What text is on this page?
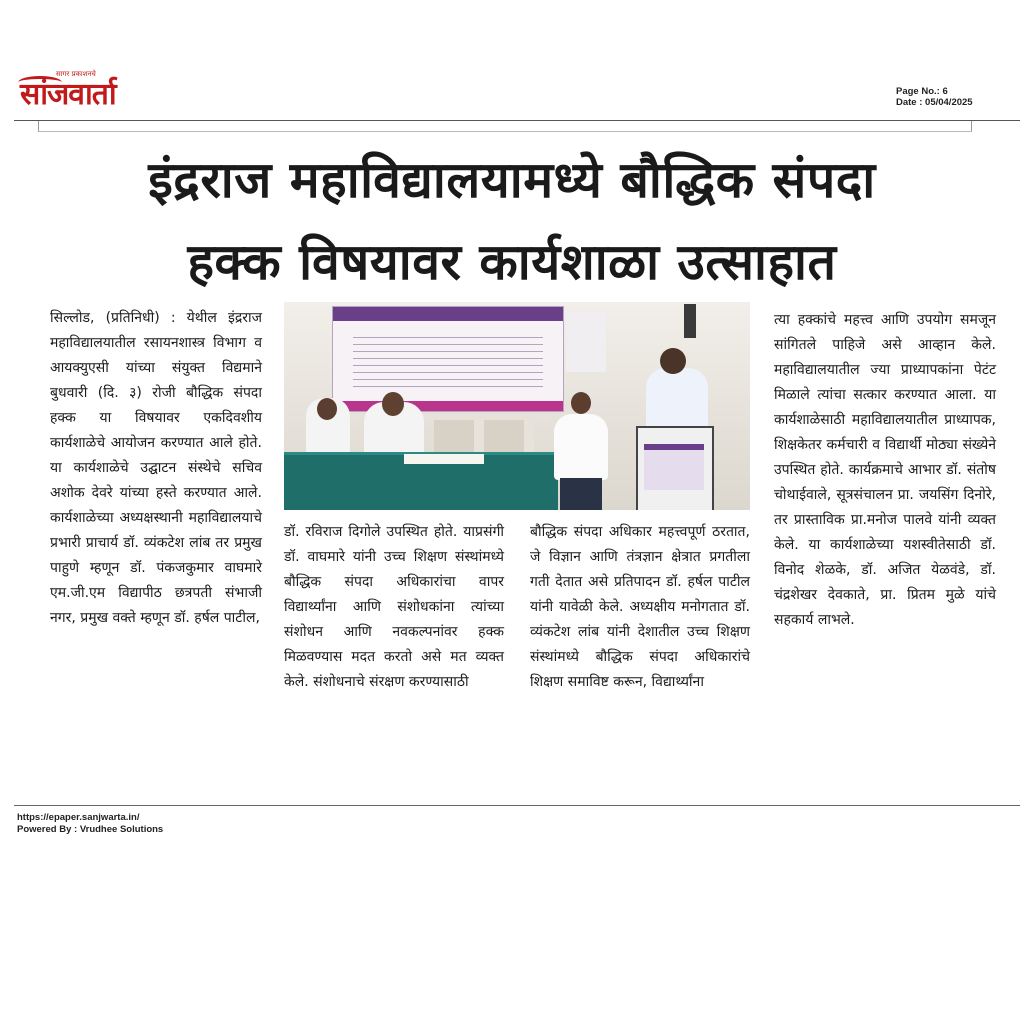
सागर प्रकाशनचे
सांजवार्ता	Page No.: 6
Date : 05/04/2025
इंद्रराज महाविद्यालयामध्ये बौद्धिक संपदा
हक्क विषयावर कार्यशाळा उत्साहात

सिल्लोड, (प्रतिनिधी) : येथील इंद्रराज महाविद्यालयातील रसायनशास्त्र विभाग व आयक्युएसी यांच्या संयुक्त विद्यमाने बुधवारी (दि. ३) रोजी बौद्धिक संपदा हक्क या विषयावर एकदिवशीय कार्यशाळेचे आयोजन करण्यात आले होते. या कार्यशाळेचे उद्घाटन संस्थेचे सचिव अशोक देवरे यांच्या हस्ते करण्यात आले. कार्यशाळेच्या अध्यक्षस्थानी महाविद्यालयाचे प्रभारी प्राचार्य डॉ. व्यंकटेश लांब तर प्रमुख पाहुणे म्हणून डॉ. पंकजकुमार वाघमारे एम.जी.एम विद्यापीठ छत्रपती संभाजी नगर, प्रमुख वक्ते म्हणून डॉ. हर्षल पाटील,

डॉ. रविराज दिगोले उपस्थित होते. याप्रसंगी डॉ. वाघमारे यांनी उच्च शिक्षण संस्थांमध्ये बौद्धिक संपदा अधिकारांचा वापर विद्यार्थ्यांना आणि संशोधकांना त्यांच्या संशोधन आणि नवकल्पनांवर हक्क मिळवण्यास मदत करतो असे मत व्यक्त केले. संशोधनाचे संरक्षण करण्यासाठी

बौद्धिक संपदा अधिकार महत्त्वपूर्ण ठरतात, जे विज्ञान आणि तंत्रज्ञान क्षेत्रात प्रगतीला गती देतात असे प्रतिपादन डॉ. हर्षल पाटील यांनी यावेळी केले. अध्यक्षीय मनोगतात डॉ. व्यंकटेश लांब यांनी देशातील उच्च शिक्षण संस्थांमध्ये बौद्धिक संपदा अधिकारांचे शिक्षण समाविष्ट करून, विद्यार्थ्यांना

त्या हक्कांचे महत्त्व आणि उपयोग समजून सांगितले पाहिजे असे आव्हान केले. महाविद्यालयातील ज्या प्राध्यापकांना पेटंट मिळाले त्यांचा सत्कार करण्यात आला. या कार्यशाळेसाठी महाविद्यालयातील प्राध्यापक, शिक्षकेतर कर्मचारी व विद्यार्थी मोठ्या संख्येने उपस्थित होते. कार्यक्रमाचे आभार डॉ. संतोष चोथाईवाले, सूत्रसंचालन प्रा. जयसिंग दिनोरे, तर प्रास्ताविक प्रा.मनोज पालवे यांनी व्यक्त केले. या कार्यशाळेच्या यशस्वीतेसाठी डॉ. विनोद शेळके, डॉ. अजित येळवंडे, डॉ. चंद्रशेखर देवकाते, प्रा. प्रितम मुळे यांचे सहकार्य लाभले.

https://epaper.sanjwarta.in/
Powered By : Vrudhee Solutions
